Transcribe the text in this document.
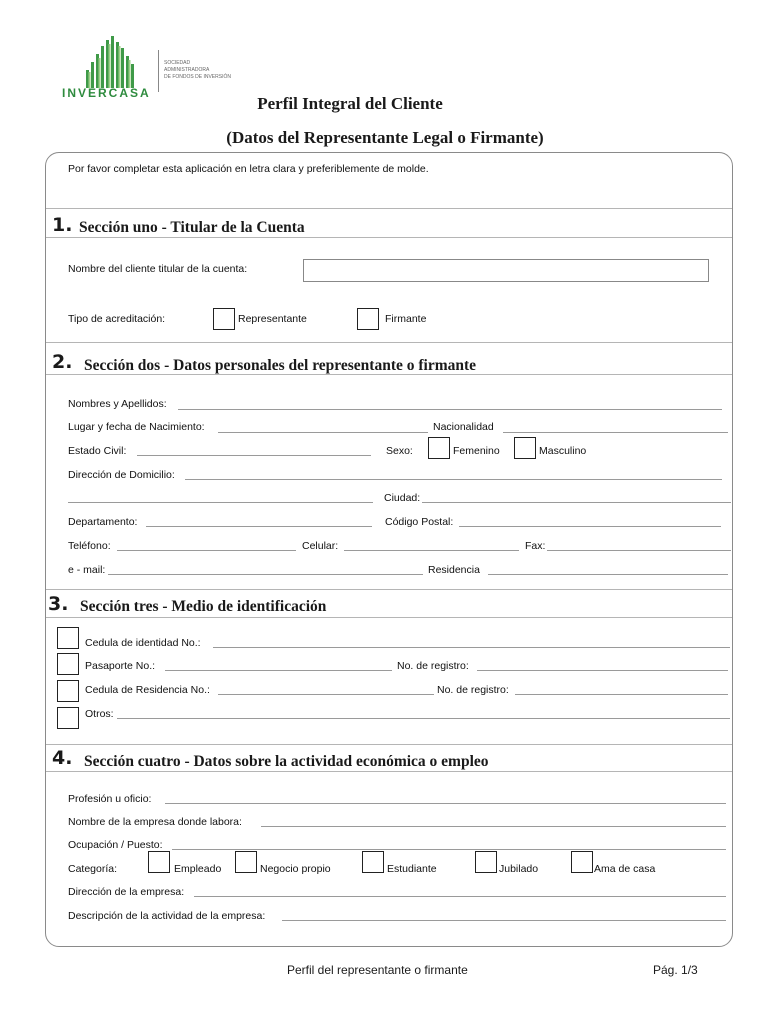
INVERCASA
SOCIEDAD
ADMINISTRADORA
DE FONDOS DE INVERSIÓN
Perfil Integral del Cliente
(Datos del Representante Legal o Firmante)
Por favor completar esta aplicación en letra clara y preferiblemente de molde.
1. Sección uno - Titular de la Cuenta
Nombre del cliente titular de la cuenta:
Tipo de acreditación:	Representante	Firmante
2. Sección dos - Datos personales del representante o firmante
Nombres y Apellidos:
Lugar y fecha de Nacimiento:	Nacionalidad
Estado Civil:	Sexo:	Femenino	Masculino
Dirección de Domicilio:
Ciudad:
Departamento:	Código Postal:
Teléfono:	Celular:	Fax:
e - mail:	Residencia
3. Sección tres - Medio de identificación
Cedula de identidad No.:
Pasaporte No.:	No. de registro:
Cedula de Residencia No.:	No. de registro:
Otros:
4. Sección cuatro - Datos sobre la actividad económica o empleo
Profesión u oficio:
Nombre de la empresa donde labora:
Ocupación / Puesto:
Categoría:	Empleado	Negocio propio	Estudiante	Jubilado	Ama de casa
Dirección de la empresa:
Descripción de la actividad de la empresa:
Perfil del representante o firmante	Pág. 1/3
